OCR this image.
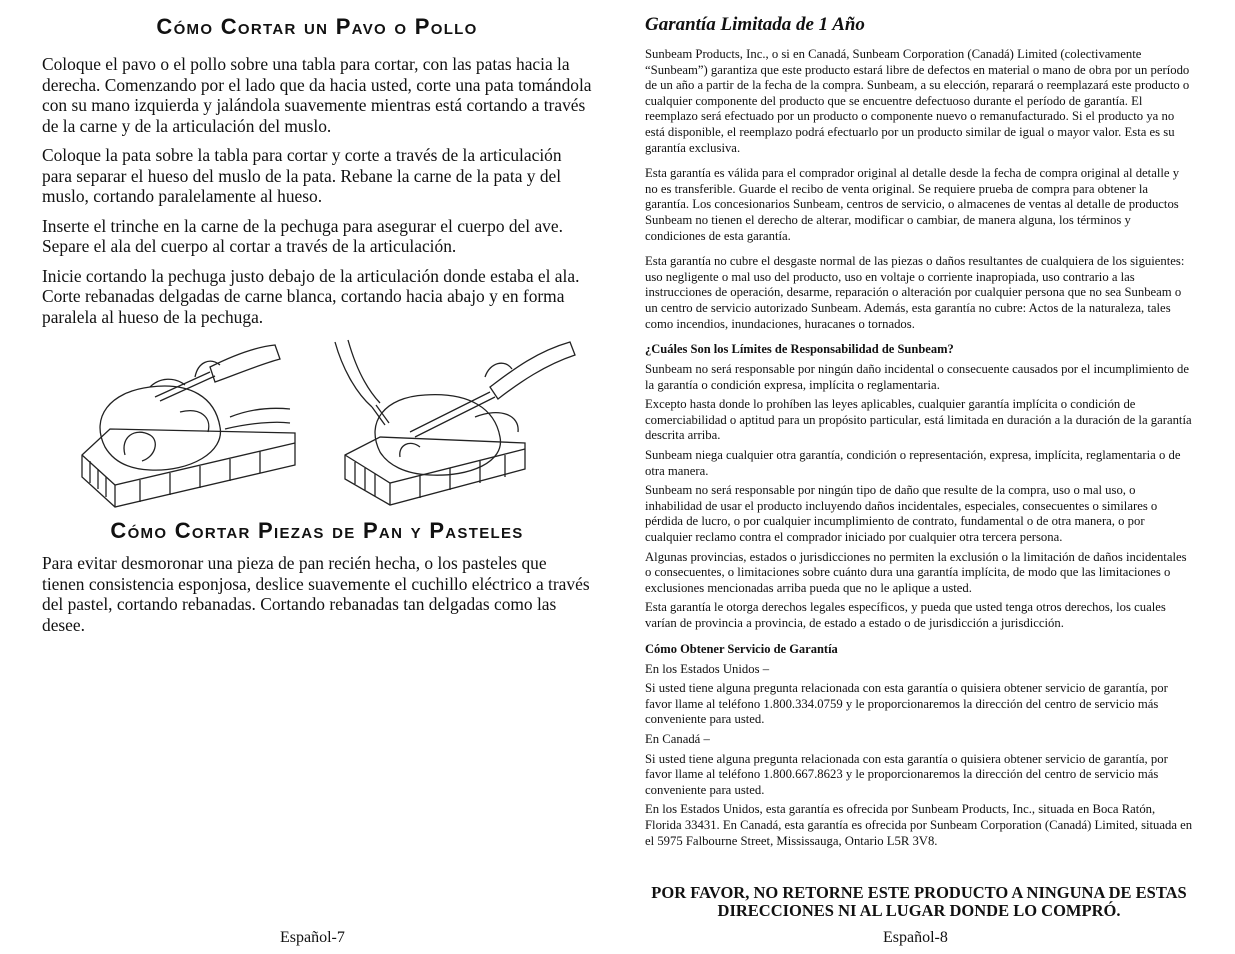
Cómo Cortar un Pavo o Pollo

Coloque el pavo o el pollo sobre una tabla para cortar, con las patas hacia la derecha. Comenzando por el lado que da hacia usted, corte una pata tomándola con su mano izquierda y jalándola suavemente mientras está cortando a través de la carne y de la articulación del muslo.

Coloque la pata sobre la tabla para cortar y corte a través de la articulación para separar el hueso del muslo de la pata. Rebane la carne de la pata y del muslo, cortando paralelamente al hueso.

Inserte el trinche en la carne de la pechuga para asegurar el cuerpo del ave. Separe el ala del cuerpo al cortar a través de la articulación.

Inicie cortando la pechuga justo debajo de la articulación donde estaba el ala. Corte rebanadas delgadas de carne blanca, cortando hacia abajo y en forma paralela al hueso de la pechuga.

Cómo Cortar Piezas de Pan y Pasteles

Para evitar desmoronar una pieza de pan recién hecha, o los pasteles que tienen consistencia esponjosa, deslice suavemente el cuchillo eléctrico a través del pastel, cortando rebanadas. Cortando rebanadas tan delgadas como las desee.

Español-7
Garantía Limitada de 1 Año

Sunbeam Products, Inc., o si en Canadá, Sunbeam Corporation (Canadá) Limited (colectivamente “Sunbeam”) garantiza que este producto estará libre de defectos en material o mano de obra por un período de un año a partir de la fecha de la compra. Sunbeam, a su elección, reparará o reemplazará este producto o cualquier componente del producto que se encuentre defectuoso durante el período de garantía. El reemplazo será efectuado por un producto o componente nuevo o remanufacturado. Si el producto ya no está disponible, el reemplazo podrá efectuarlo por un producto similar de igual o mayor valor. Esta es su garantía exclusiva.

Esta garantía es válida para el comprador original al detalle desde la fecha de compra original al detalle y no es transferible. Guarde el recibo de venta original. Se requiere prueba de compra para obtener la garantía. Los concesionarios Sunbeam, centros de servicio, o almacenes de ventas al detalle de productos Sunbeam no tienen el derecho de alterar, modificar o cambiar, de manera alguna, los términos y condiciones de esta garantía.

Esta garantía no cubre el desgaste normal de las piezas o daños resultantes de cualquiera de los siguientes: uso negligente o mal uso del producto, uso en voltaje o corriente inapropiada, uso contrario a las instrucciones de operación, desarme, reparación o alteración por cualquier persona que no sea Sunbeam o un centro de servicio autorizado Sunbeam. Además, esta garantía no cubre: Actos de la naturaleza, tales como incendios, inundaciones, huracanes o tornados.

¿Cuáles Son los Límites de Responsabilidad de Sunbeam?

Sunbeam no será responsable por ningún daño incidental o consecuente causados por el incumplimiento de la garantía o condición expresa, implícita o reglamentaria.

Excepto hasta donde lo prohíben las leyes aplicables, cualquier garantía implícita o condición de comerciabilidad o aptitud para un propósito particular, está limitada en duración a la duración de la garantía descrita arriba.

Sunbeam niega cualquier otra garantía, condición o representación, expresa, implícita, reglamentaria o de otra manera.

Sunbeam no será responsable por ningún tipo de daño que resulte de la compra, uso o mal uso, o inhabilidad de usar el producto incluyendo daños incidentales, especiales, consecuentes o similares o pérdida de lucro, o por cualquier incumplimiento de contrato, fundamental o de otra manera, o por cualquier reclamo contra el comprador iniciado por cualquier otra tercera persona.

Algunas provincias, estados o jurisdicciones no permiten la exclusión o la limitación de daños incidentales o consecuentes, o limitaciones sobre cuánto dura una garantía implícita, de modo que las limitaciones o exclusiones mencionadas arriba pueda que no le aplique a usted.

Esta garantía le otorga derechos legales específicos, y pueda que usted tenga otros derechos, los cuales varían de provincia a provincia, de estado a estado o de jurisdicción a jurisdicción.

Cómo Obtener Servicio de Garantía

En los Estados Unidos –

Si usted tiene alguna pregunta relacionada con esta garantía o quisiera obtener servicio de garantía, por favor llame al teléfono 1.800.334.0759 y le proporcionaremos la dirección del centro de servicio más conveniente para usted.

En Canadá –

Si usted tiene alguna pregunta relacionada con esta garantía o quisiera obtener servicio de garantía, por favor llame al teléfono 1.800.667.8623 y le proporcionaremos la dirección del centro de servicio más conveniente para usted.

En los Estados Unidos, esta garantía es ofrecida por Sunbeam Products, Inc., situada en Boca Ratón, Florida 33431. En Canadá, esta garantía es ofrecida por Sunbeam Corporation (Canadá) Limited, situada en el 5975 Falbourne Street, Mississauga, Ontario L5R 3V8.

POR FAVOR, NO RETORNE ESTE PRODUCTO A NINGUNA DE ESTAS DIRECCIONES NI AL LUGAR DONDE LO COMPRÓ.
Español-8
